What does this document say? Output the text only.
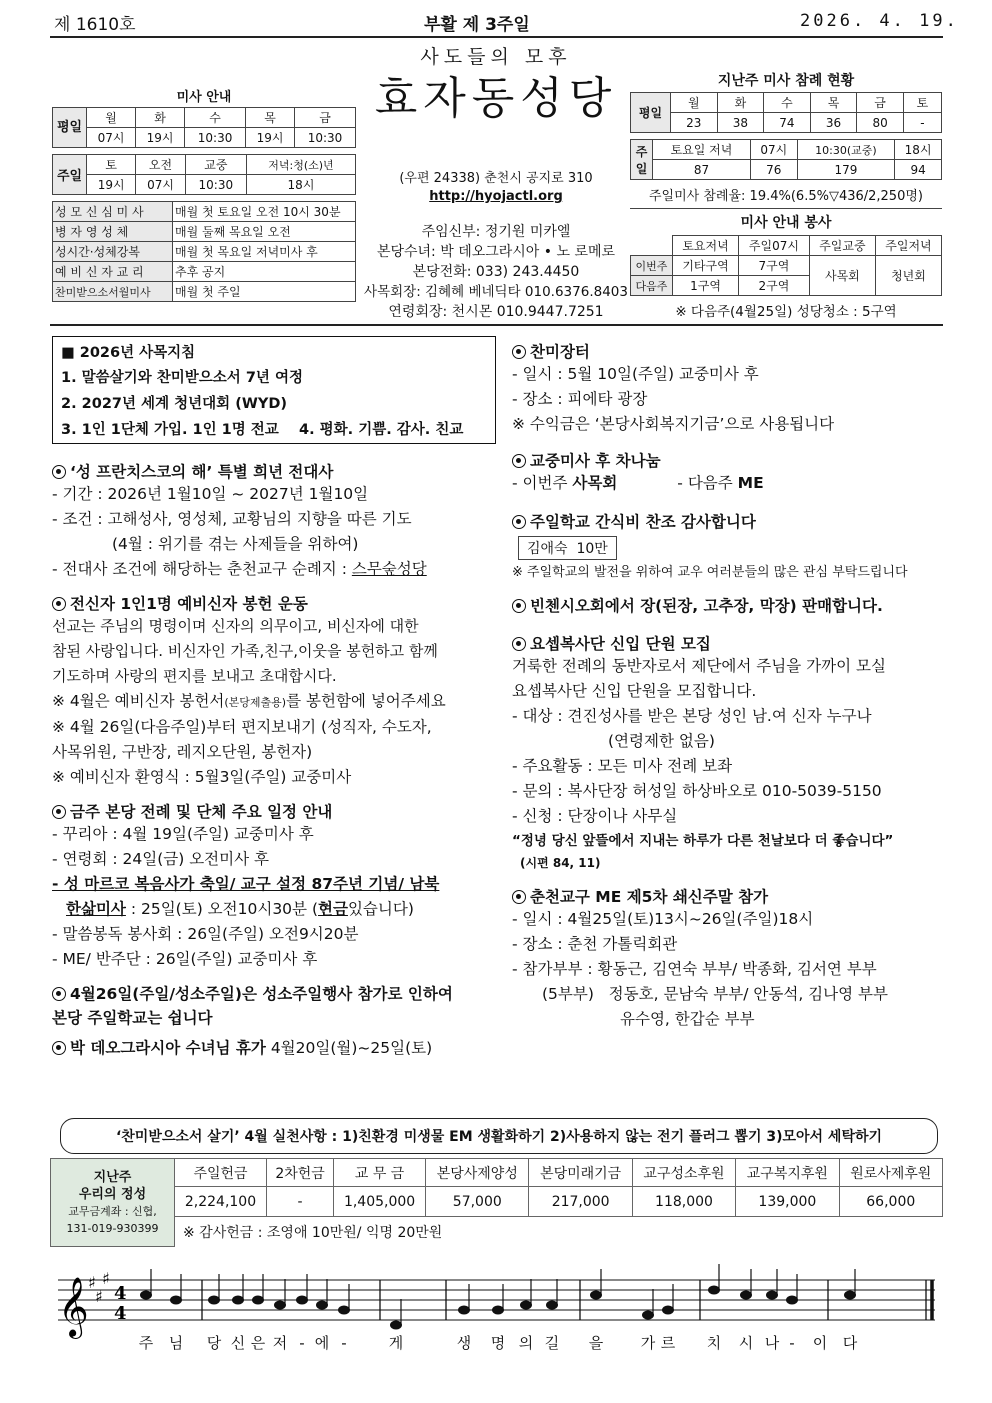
제 1610호	부활 제 3주일	2026. 4. 19.
미사 안내
평일	월	화	수	목	금
	07시	19시	10:30	19시	10:30
주일	토	오전	교중	저녁:청(소)년
	19시	07시	10:30	18시
성 모 신 심 미 사	매월 첫 토요일 오전 10시 30분
병 자 영 성 체	매월 둘째 목요일 오전
성시간·성체강복	매월 첫 목요일 저녁미사 후
예 비 신 자 교 리	추후 공지
찬미받으소서월미사	매월 첫 주일
사도들의 모후
효자동성당
(우편 24338) 춘천시 공지로 310
http://hyojactl.org
주임신부: 정기원 미카엘
본당수녀: 박 데오그라시아 • 노 로메로
본당전화: 033) 243.4450
사목회장: 김혜혜 베네딕타 010.6376.8403
연령회장: 천시몬 010.9447.7251
지난주 미사 참례 현황
평일	월	화	수	목	금	토
	23	38	74	36	80	-
주일	토요일 저녁	07시	10:30(교중)	18시
	87	76	179	94
주일미사 참례율: 19.4%(6.5%▽436/2,250명)
미사 안내 봉사
	토요저녁	주일07시	주일교중	주일저녁
이번주	기타구역	7구역	사목회	청년회
다음주	1구역	2구역		
※ 다음주(4월25일) 성당청소 : 5구역
■ 2026년 사목지침
1. 말씀살기와 찬미받으소서 7년 여정
2. 2027년 세계 청년대회 (WYD)
3. 1인 1단체 가입. 1인 1명 전교    4. 평화. 기쁨. 감사. 친교

‘성 프란치스코의 해’ 특별 희년 전대사

- 기간 : 2026년 1월10일 ~ 2027년 1월10일

- 조건 : 고해성사, 영성체, 교황님의 지향을 따른 기도

(4월 : 위기를 겪는 사제들을 위하여)

- 전대사 조건에 해당하는 춘천교구 순례지 : 스무숲성당

전신자 1인1명 예비신자 봉헌 운동

선교는 주님의 명령이며 신자의 의무이고, 비신자에 대한

참된 사랑입니다. 비신자인 가족,친구,이웃을 봉헌하고 함께

기도하며 사랑의 편지를 보내고 초대합시다.

※ 4월은 예비신자 봉헌서(본당제출용)를 봉헌함에 넣어주세요

※ 4월 26일(다음주일)부터 편지보내기 (성직자, 수도자,

사목위원, 구반장, 레지오단원, 봉헌자)

※ 예비신자 환영식 : 5월3일(주일) 교중미사

금주 본당 전례 및 단체 주요 일정 안내

- 꾸리아 : 4월 19일(주일) 교중미사 후

- 연령회 : 24일(금) 오전미사 후

- 성 마르코 복음사가 축일/ 교구 설정 87주년 기념/ 남북

한삶미사 : 25일(토) 오전10시30분 (현금있습니다)

- 말씀봉독 봉사회 : 26일(주일) 오전9시20분

- ME/ 반주단 : 26일(주일) 교중미사 후

4월26일(주일/성소주일)은 성소주일행사 참가로 인하여

본당 주일학교는 쉽니다

박 데오그라시아 수녀님 휴가 4월20일(월)~25일(토)

찬미장터

- 일시 : 5월 10일(주일) 교중미사 후

- 장소 : 피에타 광장

※ 수익금은 ‘본당사회복지기금’으로 사용됩니다

교중미사 후 차나눔

- 이번주 사목회	- 다음주 ME

주일학교 간식비 찬조 감사합니다

김애숙  10만

※ 주일학교의 발전을 위하여 교우 여러분들의 많은 관심 부탁드립니다

빈첸시오회에서 장(된장, 고추장, 막장) 판매합니다.

요셉복사단 신입 단원 모집

거룩한 전례의 동반자로서 제단에서 주님을 가까이 모실

요셉복사단 신입 단원을 모집합니다.

- 대상 : 견진성사를 받은 본당 성인 남.여 신자 누구나

(연령제한 없음)

- 주요활동 : 모든 미사 전례 보좌

- 문의 : 복사단장 허성일 하상바오로 010-5039-5150

- 신청 : 단장이나 사무실

“정녕 당신 앞뜰에서 지내는 하루가 다른 천날보다 더 좋습니다”

(시편 84, 11)

춘천교구 ME 제5차 쇄신주말 참가

- 일시 : 4월25일(토)13시~26일(주일)18시

- 장소 : 춘천 가톨릭회관

- 참가부부 : 황동근, 김연숙 부부/ 박종화, 김서연 부부

(5부부)   정동호, 문남숙 부부/ 안동석, 김나영 부부

유수영, 한갑순 부부

‘찬미받으소서 살기’ 4월 실천사항 : 1)친환경 미생물 EM 생활화하기 2)사용하지 않는 전기 플러그 뽑기 3)모아서 세탁하기
지난주
우리의 정성
교무금계좌 : 신협,
131-019-930399	주일헌금	2차헌금	교 무 금	본당사제양성	본당미래기금	교구성소후원	교구복지후원	원로사제후원
	2,224,100	-	1,405,000	57,000	217,000	118,000	139,000	66,000
	※ 감사헌금 : 조영애 10만원/ 익명 20만원							
𝄞 ♯
♯
♯
4
4
주 님 당 신 은 저 - 에 -	게	생 명 의 길 을	가 르 치 시 나 - 이 다
